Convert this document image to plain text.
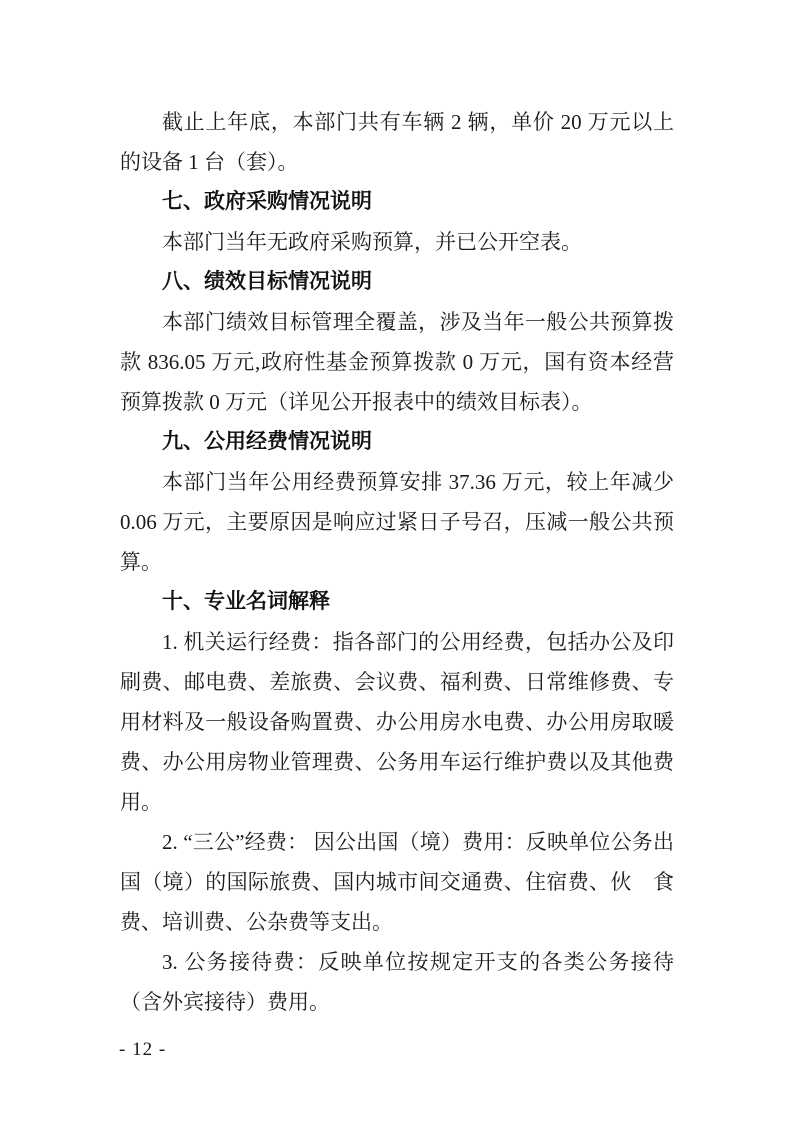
截止上年底，本部门共有车辆 2 辆，单价 20 万元以上的设备 1 台（套）。

七、政府采购情况说明

本部门当年无政府采购预算，并已公开空表。

八、绩效目标情况说明

本部门绩效目标管理全覆盖，涉及当年一般公共预算拨款 836.05 万元,政府性基金预算拨款 0 万元，国有资本经营预算拨款 0 万元（详见公开报表中的绩效目标表）。

九、公用经费情况说明

本部门当年公用经费预算安排 37.36 万元，较上年减少 0.06 万元，主要原因是响应过紧日子号召，压减一般公共预算。

十、专业名词解释

1. 机关运行经费：指各部门的公用经费，包括办公及印刷费、邮电费、差旅费、会议费、福利费、日常维修费、专用材料及一般设备购置费、办公用房水电费、办公用房取暖费、办公用房物业管理费、公务用车运行维护费以及其他费用。

2. “三公”经费： 因公出国（境）费用：反映单位公务出国（境）的国际旅费、国内城市间交通费、住宿费、伙　食费、培训费、公杂费等支出。

3. 公务接待费：反映单位按规定开支的各类公务接待（含外宾接待）费用。

- 12 -
